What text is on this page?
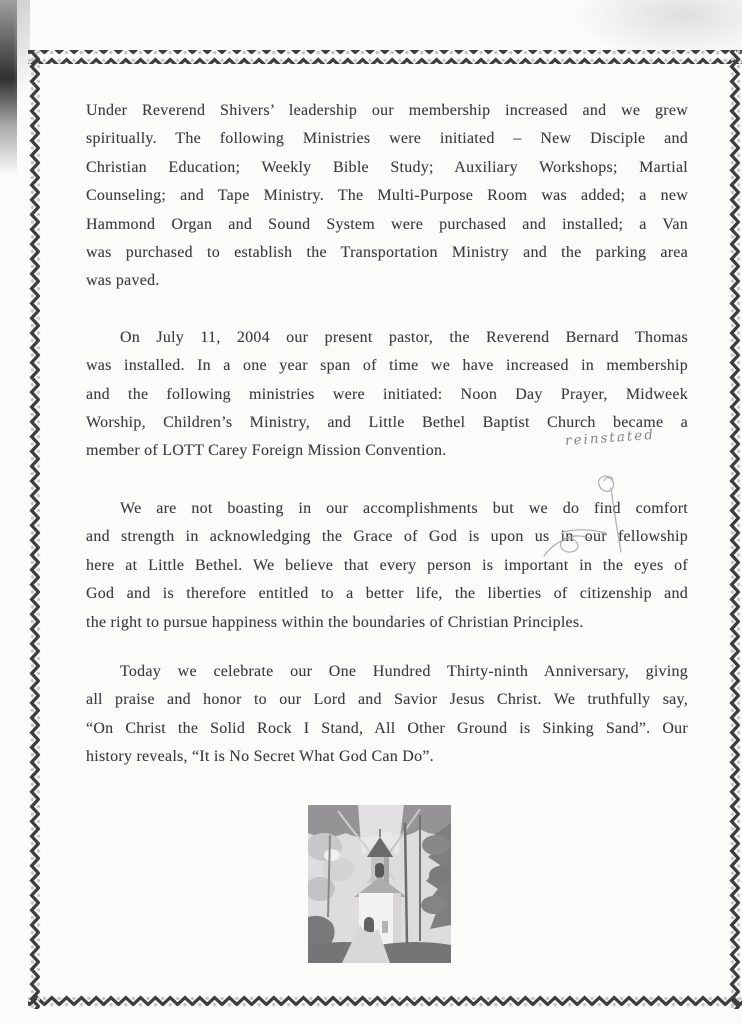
Under Reverend Shivers’ leadership our membership increased and we grew
spiritually. The following Ministries were initiated – New Disciple and
Christian Education; Weekly Bible Study; Auxiliary Workshops; Martial
Counseling; and Tape Ministry. The Multi-Purpose Room was added; a new
Hammond Organ and Sound System were purchased and installed; a Van
was purchased to establish the Transportation Ministry and the parking area
was paved.
On July 11, 2004 our present pastor, the Reverend Bernard Thomas
was installed. In a one year span of time we have increased in membership
and the following ministries were initiated: Noon Day Prayer, Midweek
Worship, Children’s Ministry, and Little Bethel Baptist Church became a
member of LOTT Carey Foreign Mission Convention.
We are not boasting in our accomplishments but we do find comfort
and strength in acknowledging the Grace of God is upon us in our fellowship
here at Little Bethel. We believe that every person is important in the eyes of
God and is therefore entitled to a better life, the liberties of citizenship and
the right to pursue happiness within the boundaries of Christian Principles.
Today we celebrate our One Hundred Thirty-ninth Anniversary, giving
all praise and honor to our Lord and Savior Jesus Christ. We truthfully say,
“On Christ the Solid Rock I Stand, All Other Ground is Sinking Sand”. Our
history reveals, “It is No Secret What God Can Do”.
reinstated
